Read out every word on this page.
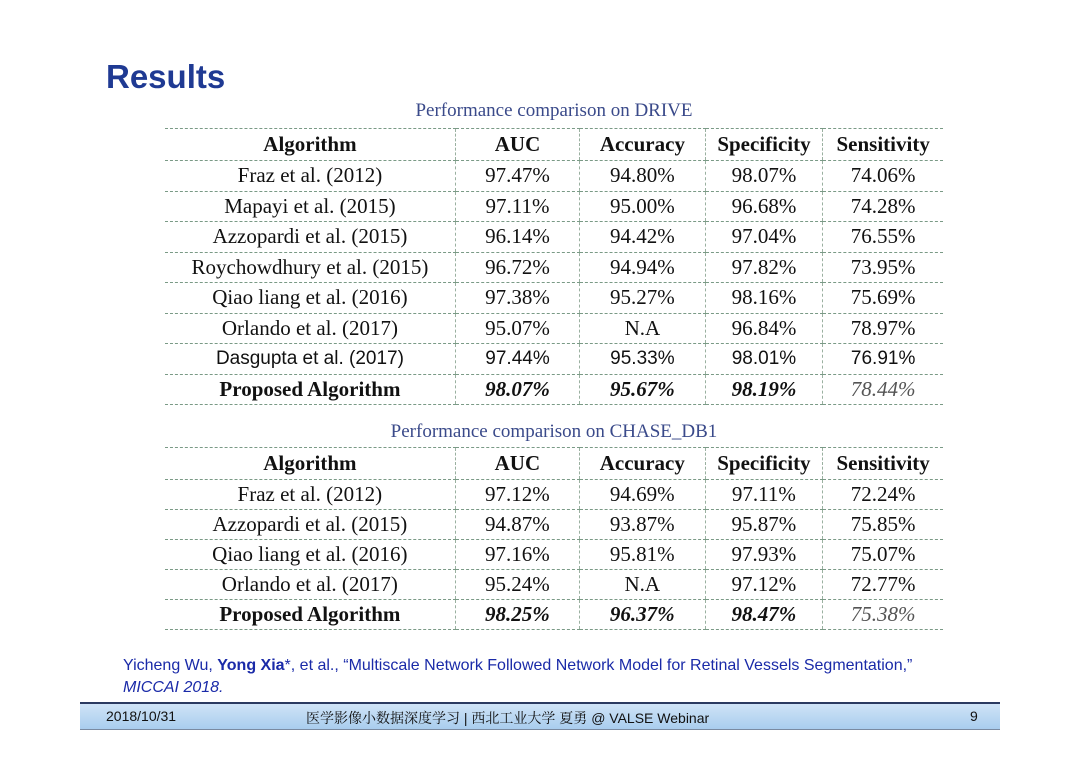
Results
Performance comparison on DRIVE
Algorithm	AUC	Accuracy	Specificity	Sensitivity
Fraz et al. (2012)	97.47%	94.80%	98.07%	74.06%
Mapayi et al. (2015)	97.11%	95.00%	96.68%	74.28%
Azzopardi et al. (2015)	96.14%	94.42%	97.04%	76.55%
Roychowdhury et al. (2015)	96.72%	94.94%	97.82%	73.95%
Qiao liang et al. (2016)	97.38%	95.27%	98.16%	75.69%
Orlando et al. (2017)	95.07%	N.A	96.84%	78.97%
Dasgupta et al. (2017)	97.44%	95.33%	98.01%	76.91%
Proposed Algorithm	98.07%	95.67%	98.19%	78.44%
Performance comparison on CHASE_DB1
Algorithm	AUC	Accuracy	Specificity	Sensitivity
Fraz et al. (2012)	97.12%	94.69%	97.11%	72.24%
Azzopardi et al. (2015)	94.87%	93.87%	95.87%	75.85%
Qiao liang et al. (2016)	97.16%	95.81%	97.93%	75.07%
Orlando et al. (2017)	95.24%	N.A	97.12%	72.77%
Proposed Algorithm	98.25%	96.37%	98.47%	75.38%
Yicheng Wu, Yong Xia*, et al., “Multiscale Network Followed Network Model for Retinal Vessels Segmentation,” MICCAI 2018.
2018/10/31	医学影像小数据深度学习 | 西北工业大学 夏勇 @ VALSE Webinar	9
